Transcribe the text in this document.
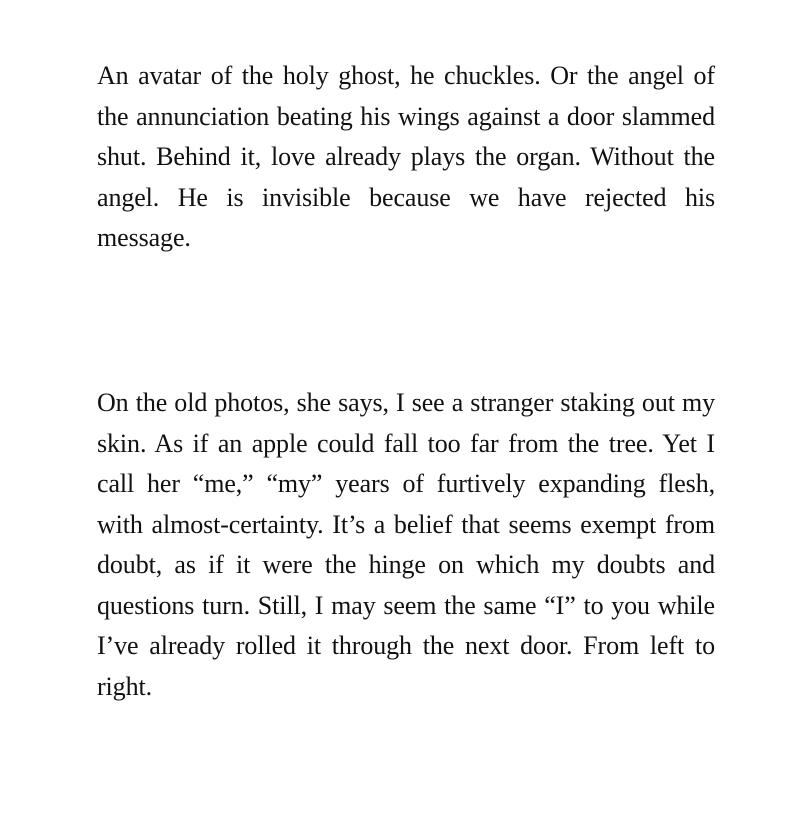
An avatar of the holy ghost, he chuckles. Or the angel of the annunciation beating his wings against a door slammed shut. Behind it, love already plays the organ. Without the angel. He is invisible because we have rejected his message.

On the old photos, she says, I see a stranger staking out my skin. As if an apple could fall too far from the tree. Yet I call her “me,” “my” years of furtively expanding flesh, with almost-certainty. It’s a belief that seems exempt from doubt, as if it were the hinge on which my doubts and questions turn. Still, I may seem the same “I” to you while I’ve already rolled it through the next door. From left to right.
